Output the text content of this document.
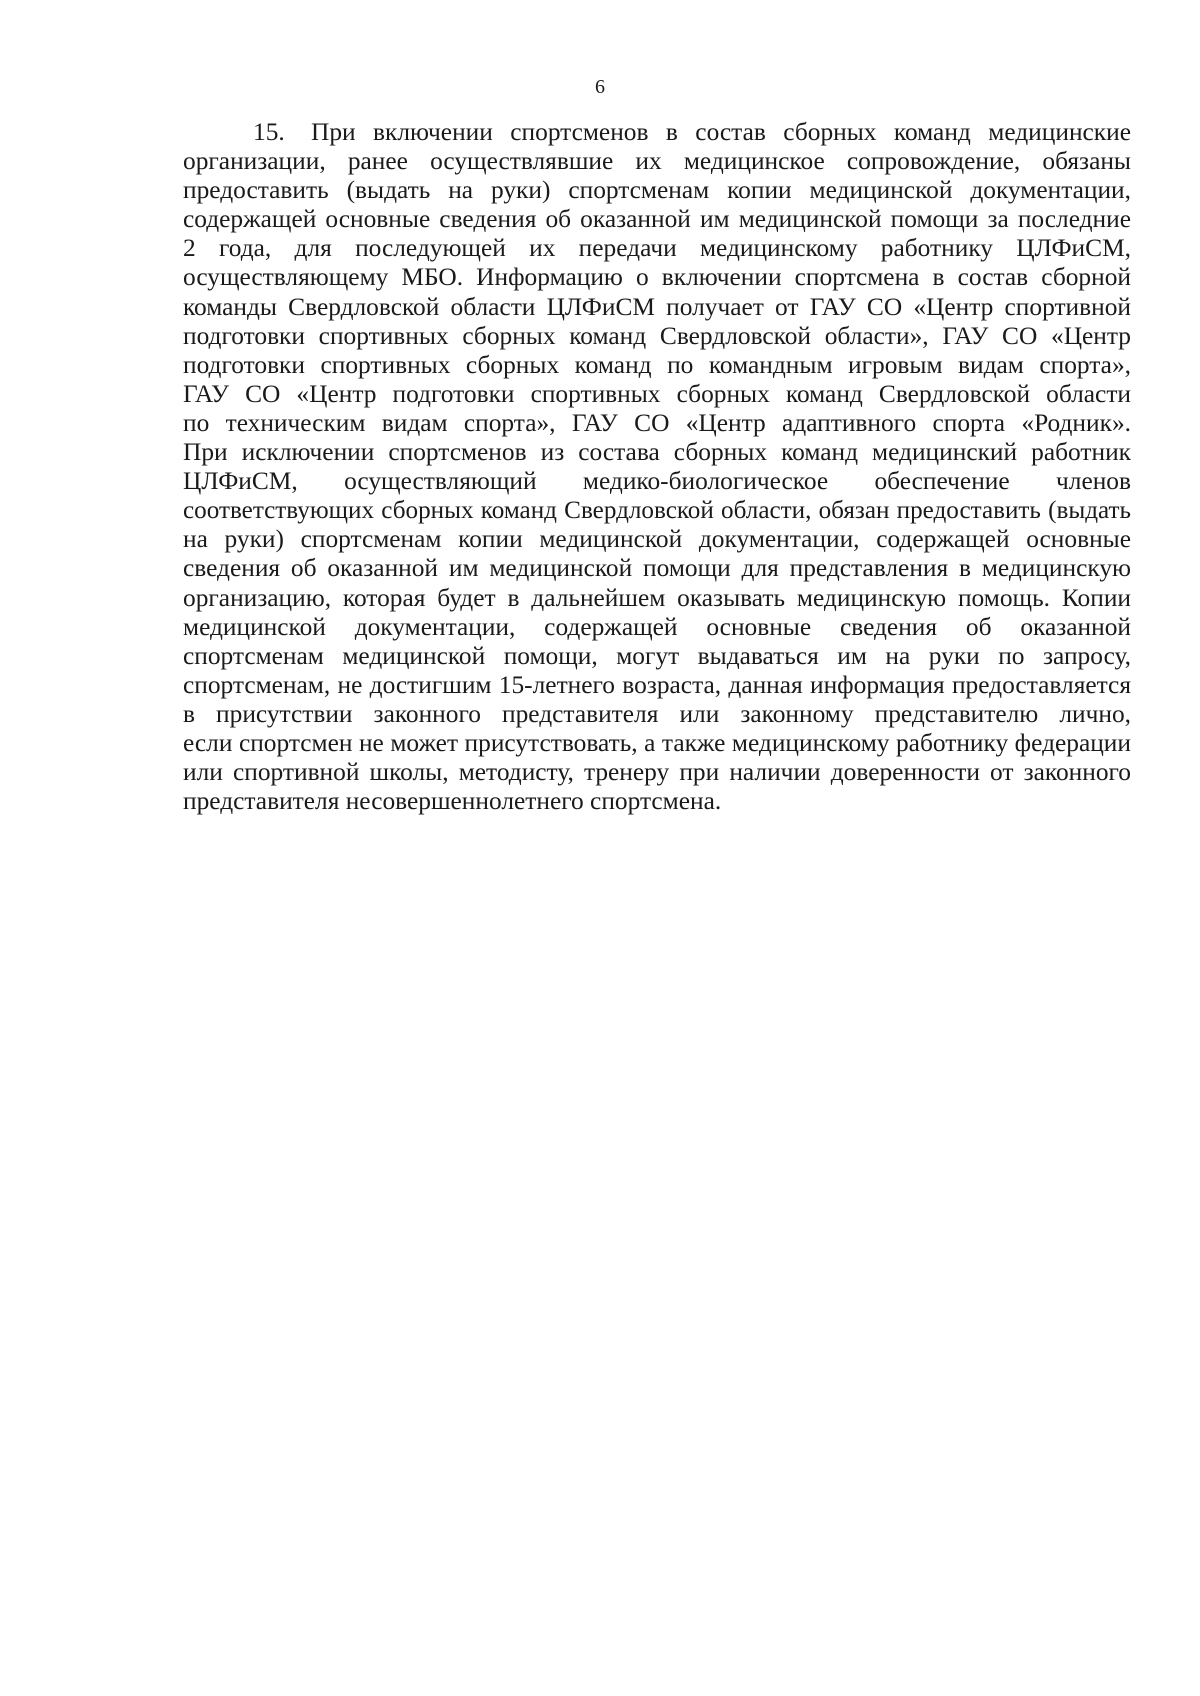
6

15. При включении спортсменов в состав сборных команд медицинские
организации, ранее осуществлявшие их медицинское сопровождение, обязаны
предоставить (выдать на руки) спортсменам копии медицинской документации,
содержащей основные сведения об оказанной им медицинской помощи за последние
2 года, для последующей их передачи медицинскому работнику ЦЛФиСМ,
осуществляющему МБО. Информацию о включении спортсмена в состав сборной
команды Свердловской области ЦЛФиСМ получает от ГАУ СО «Центр спортивной
подготовки спортивных сборных команд Свердловской области», ГАУ СО «Центр
подготовки спортивных сборных команд по командным игровым видам спорта»,
ГАУ СО «Центр подготовки спортивных сборных команд Свердловской области
по техническим видам спорта», ГАУ СО «Центр адаптивного спорта «Родник».
При исключении спортсменов из состава сборных команд медицинский работник
ЦЛФиСМ, осуществляющий медико-биологическое обеспечение членов
соответствующих сборных команд Свердловской области, обязан предоставить (выдать
на руки) спортсменам копии медицинской документации, содержащей основные
сведения об оказанной им медицинской помощи для представления в медицинскую
организацию, которая будет в дальнейшем оказывать медицинскую помощь. Копии
медицинской документации, содержащей основные сведения об оказанной
спортсменам медицинской помощи, могут выдаваться им на руки по запросу,
спортсменам, не достигшим 15-летнего возраста, данная информация предоставляется
в присутствии законного представителя или законному представителю лично,
если спортсмен не может присутствовать, а также медицинскому работнику федерации
или спортивной школы, методисту, тренеру при наличии доверенности от законного
представителя несовершеннолетнего спортсмена.
